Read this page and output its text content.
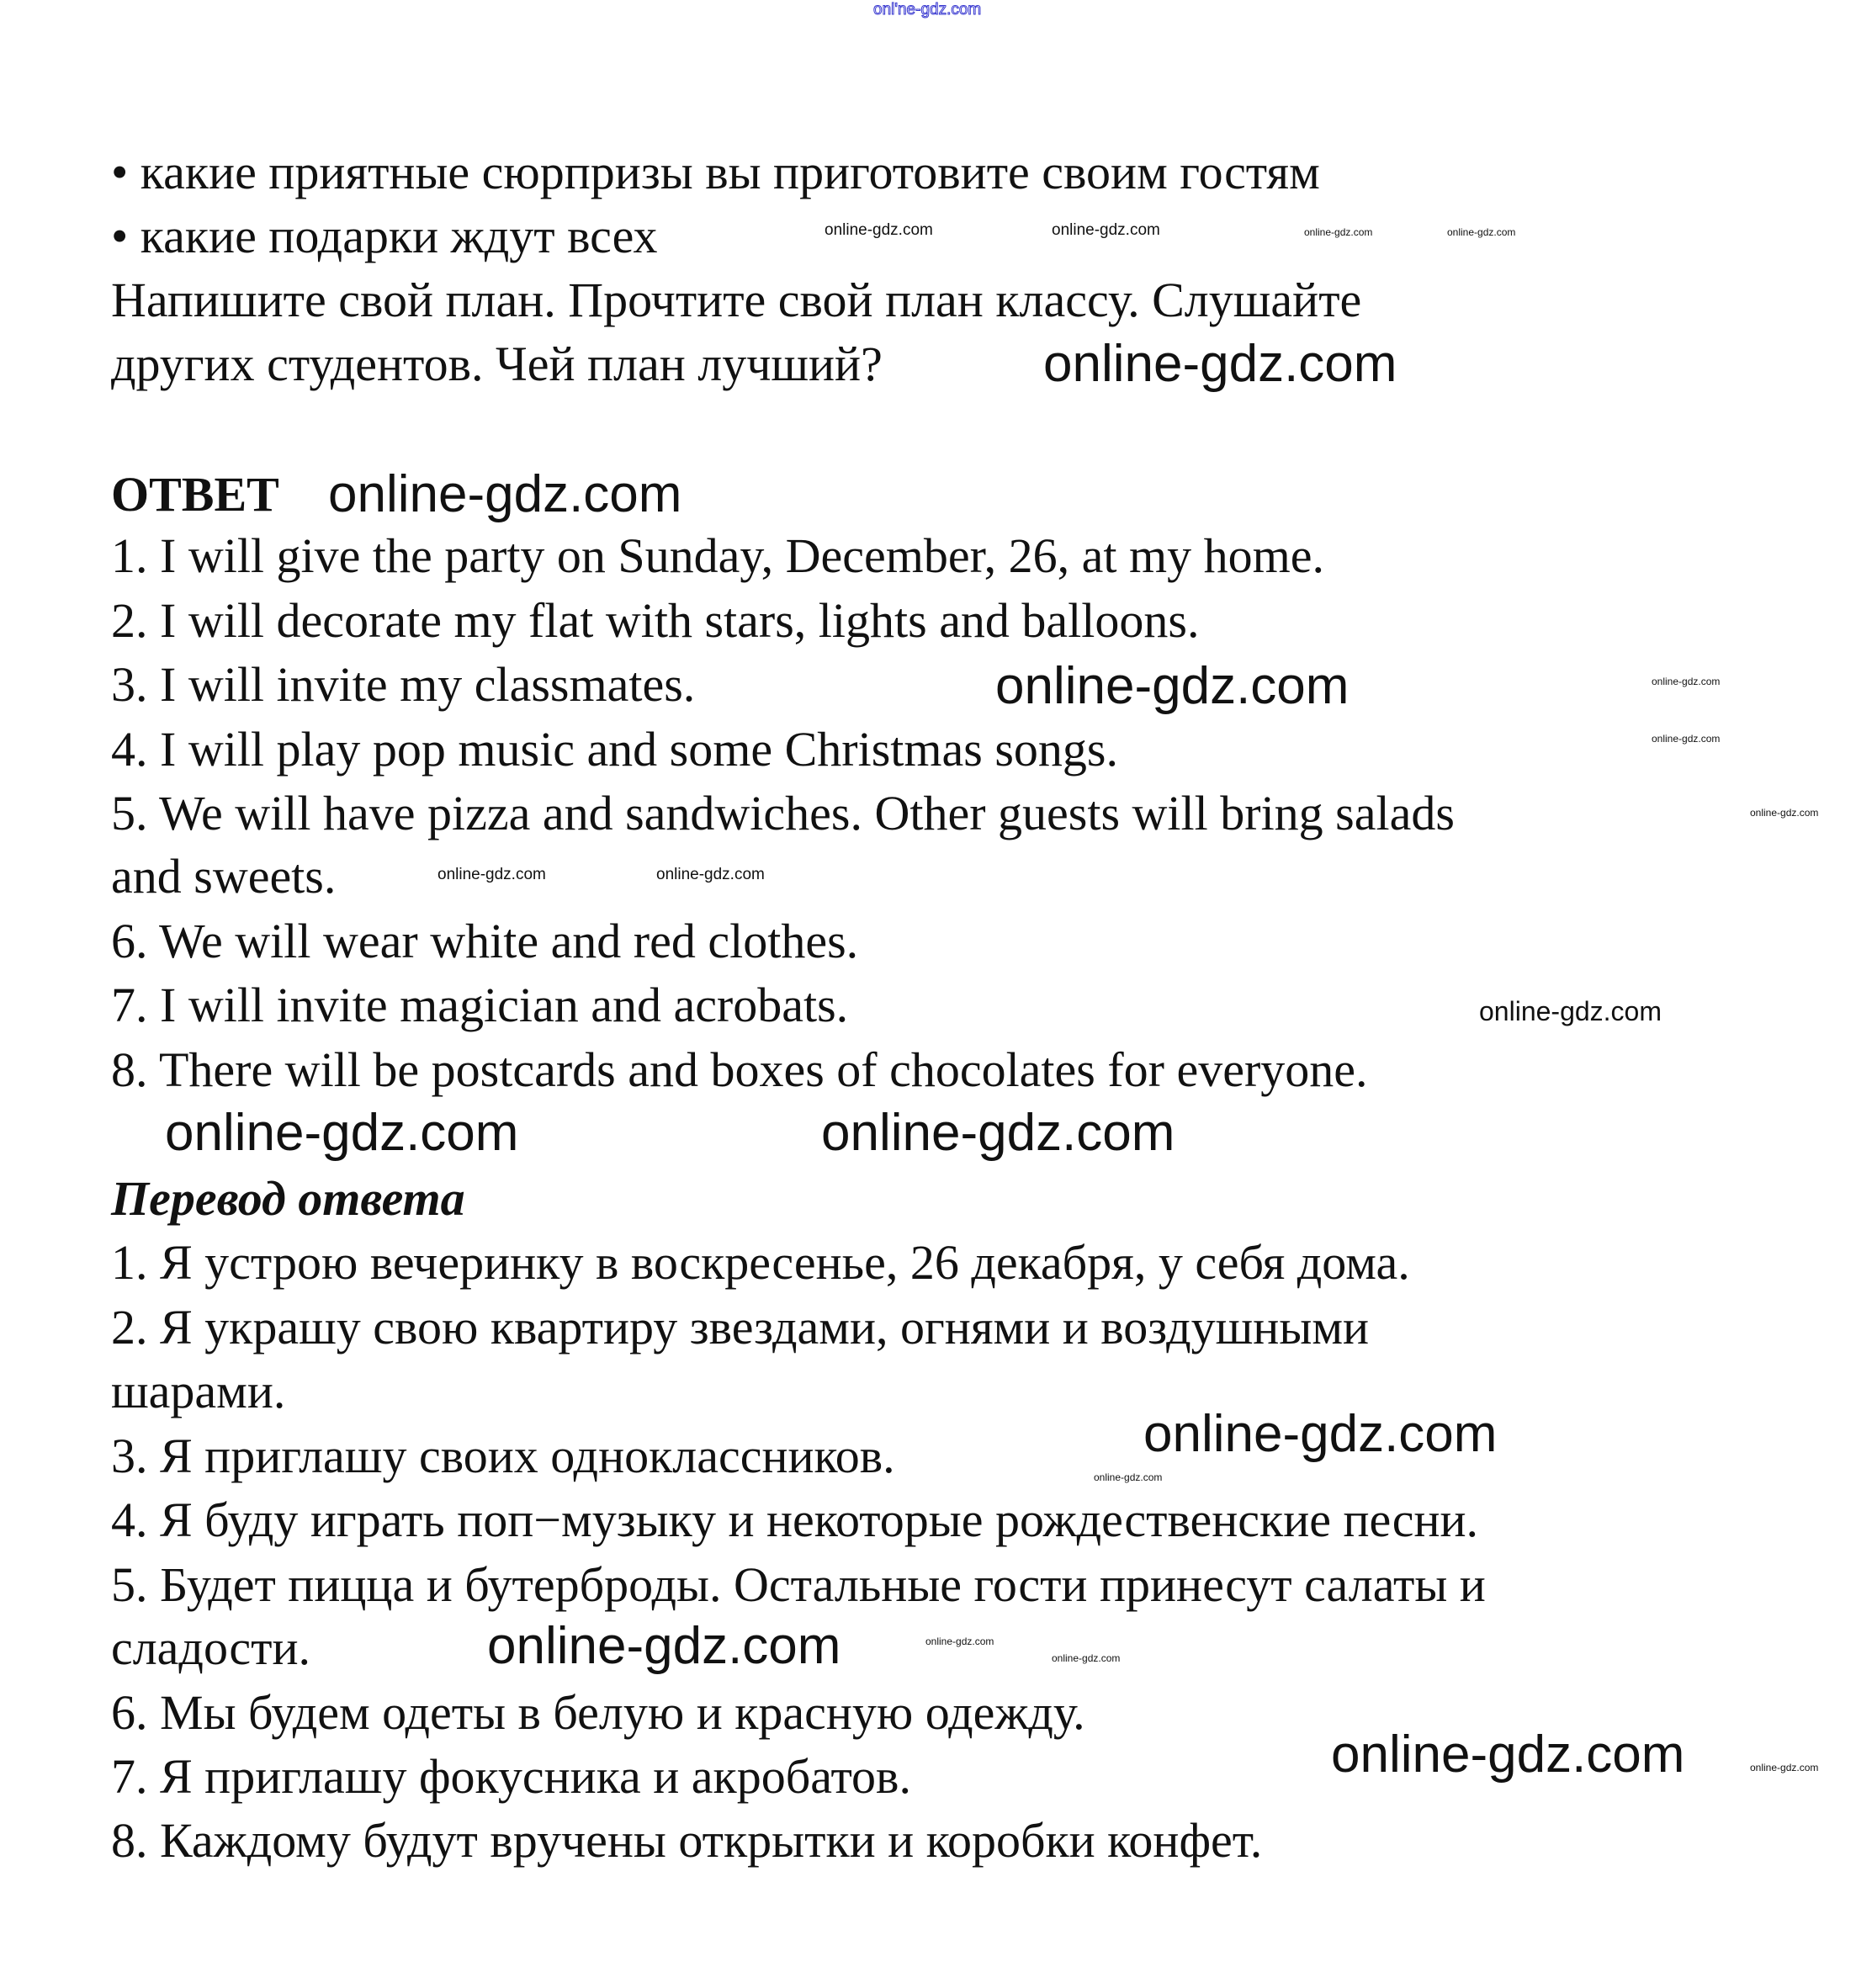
onl'ne-gdz.com
• какие приятные сюрпризы вы приготовите своим гостям
• какие подарки ждут всех
Напишите свой план. Прочтите свой план классу. Слушайте
других студентов. Чей план лучший?
ОТВЕТ
1. I will give the party on Sunday, December, 26, at my home.
2. I will decorate my flat with stars, lights and balloons.
3. I will invite my classmates.
4. I will play pop music and some Christmas songs.
5. We will have pizza and sandwiches. Other guests will bring salads
and sweets.
6. We will wear white and red clothes.
7. I will invite magician and acrobats.
8. There will be postcards and boxes of chocolates for everyone.
Перевод ответа
1. Я устрою вечеринку в воскресенье, 26 декабря, у себя дома.
2. Я украшу свою квартиру звездами, огнями и воздушными
шарами.
3. Я приглашу своих одноклассников.
4. Я буду играть поп−музыку и некоторые рождественские песни.
5. Будет пицца и бутерброды. Остальные гости принесут салаты и
сладости.
6. Мы будем одеты в белую и красную одежду.
7. Я приглашу фокусника и акробатов.
8. Каждому будут вручены открытки и коробки конфет.
online-gdz.com
online-gdz.com
online-gdz.com
online-gdz.com
online-gdz.com
online-gdz.com
online-gdz.com
online-gdz.com
online-gdz.com
online-gdz.com	online-gdz.com	online-gdz.com	online-gdz.com
online-gdz.com
online-gdz.com
online-gdz.com
online-gdz.com	online-gdz.com
online-gdz.com
online-gdz.com
online-gdz.com
online-gdz.com
